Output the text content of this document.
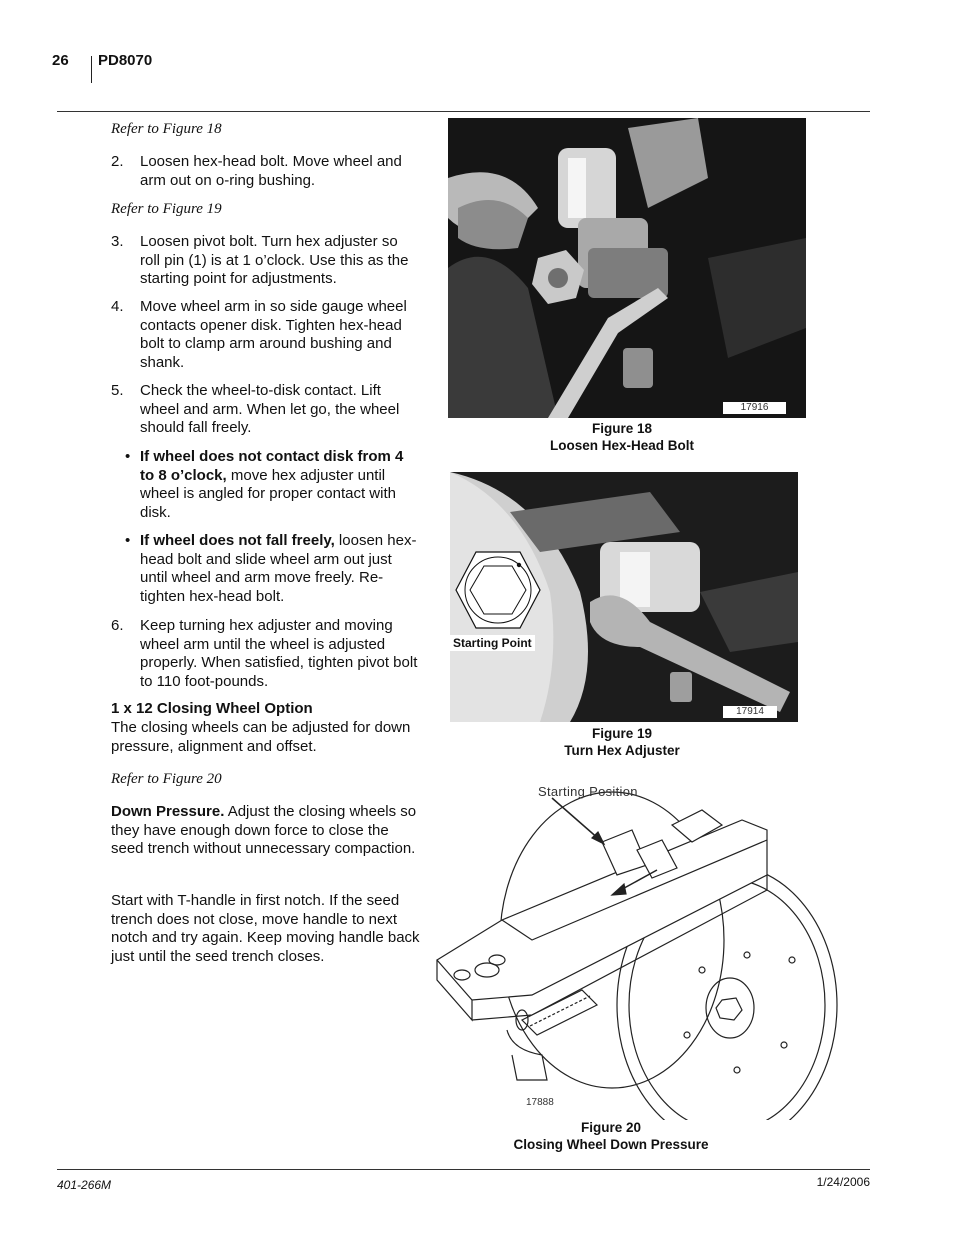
26 PD8070
Refer to Figure 18
2. Loosen hex-head bolt. Move wheel and arm out on o-ring bushing.
Refer to Figure 19
3. Loosen pivot bolt. Turn hex adjuster so roll pin (1) is at 1 o’clock. Use this as the starting point for adjustments.
4. Move wheel arm in so side gauge wheel contacts opener disk. Tighten hex-head bolt to clamp arm around bushing and shank.
5. Check the wheel-to-disk contact. Lift wheel and arm. When let go, the wheel should fall freely.
• If wheel does not contact disk from 4 to 8 o’clock, move hex adjuster until wheel is angled for proper contact with disk.
• If wheel does not fall freely, loosen hex-head bolt and slide wheel arm out just until wheel and arm move freely. Re-tighten hex-head bolt.
6. Keep turning hex adjuster and moving wheel arm until the wheel is adjusted properly. When satisfied, tighten pivot bolt to 110 foot-pounds.
1 x 12 Closing Wheel Option
The closing wheels can be adjusted for down pressure, alignment and offset.
Refer to Figure 20
Down Pressure. Adjust the closing wheels so they have enough down force to close the seed trench without unnecessary compaction.
Start with T-handle in first notch. If the seed trench does not close, move handle to next notch and try again. Keep moving handle back just until the seed trench closes.
17916
Figure 18
Loosen Hex-Head Bolt
Starting Point
17914
Figure 19
Turn Hex Adjuster
Starting Position
17888
Figure 20
Closing Wheel Down Pressure
401-266M	1/24/2006
